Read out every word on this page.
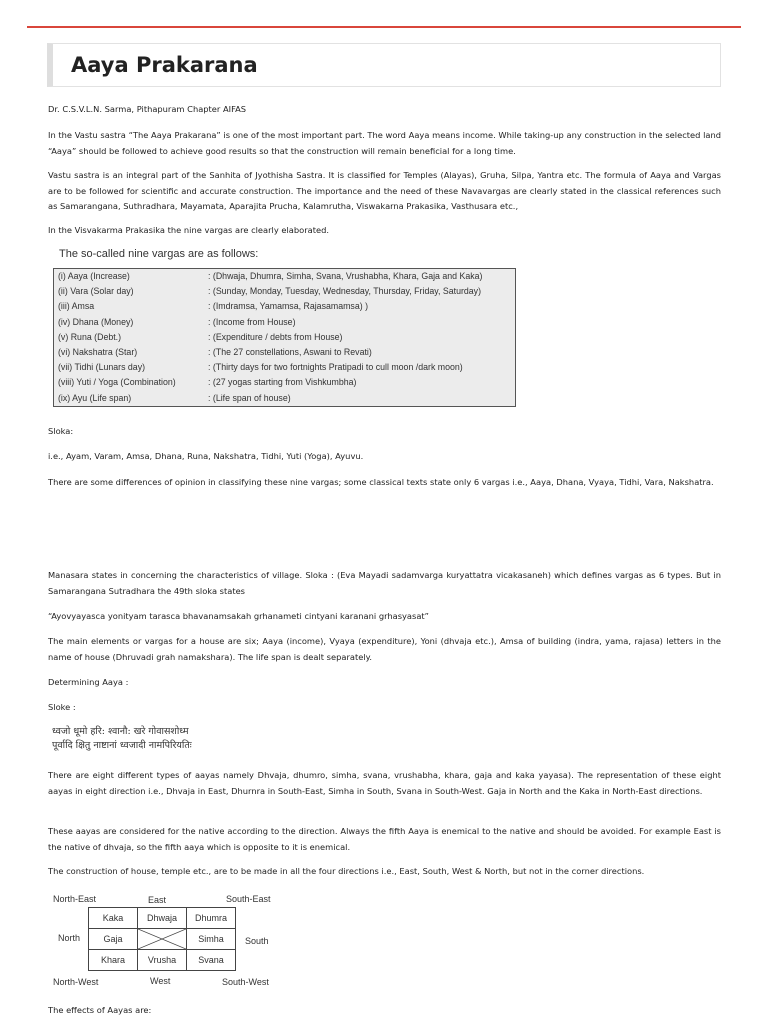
Aaya Prakarana
Dr. C.S.V.L.N. Sarma, Pithapuram Chapter AIFAS
In the Vastu sastra “The Aaya Prakarana” is one of the most important part. The word Aaya means income. While taking-up any construction in the selected land “Aaya” should be followed to achieve good results so that the construction will remain beneficial for a long time.
Vastu sastra is an integral part of the Sanhita of Jyothisha Sastra. It is classified for Temples (Alayas), Gruha, Silpa, Yantra etc. The formula of Aaya and Vargas are to be followed for scientific and accurate construction. The importance and the need of these Navavargas are clearly stated in the classical references such as Samarangana, Suthradhara, Mayamata, Aparajita Prucha, Kalamrutha, Viswakarna Prakasika, Vasthusara etc.,
In the Visvakarma Prakasika the nine vargas are clearly elaborated.
The so-called nine vargas are as follows:
(i) Aaya (Increase)	: (Dhwaja, Dhumra, Simha, Svana, Vrushabha, Khara, Gaja and Kaka)
(ii) Vara (Solar day)	: (Sunday, Monday, Tuesday, Wednesday, Thursday, Friday, Saturday)
(iii) Amsa	: (Imdramsa, Yamamsa, Rajasamamsa) )
(iv) Dhana (Money)	: (Income from House)
(v) Runa (Debt.)	: (Expenditure / debts from House)
(vi) Nakshatra (Star)	: (The 27 constellations, Aswani to Revati)
(vii) Tidhi (Lunars day)	: (Thirty days for two fortnights Pratipadi to cull moon /dark moon)
(viii) Yuti / Yoga (Combination)	: (27 yogas starting from Vishkumbha)
(ix) Ayu (Life span)	: (Life span of house)
Sloka:
i.e., Ayam, Varam, Amsa, Dhana, Runa, Nakshatra, Tidhi, Yuti (Yoga), Ayuvu.
There are some differences of opinion in classifying these nine vargas; some classical texts state only 6 vargas i.e., Aaya, Dhana, Vyaya, Tidhi, Vara, Nakshatra.
Manasara states in concerning the characteristics of village. Sloka : (Eva Mayadi sadamvarga kuryattatra vicakasaneh) which defines vargas as 6 types. But in Samarangana Sutradhara the 49th sloka states
“Ayovyayasca yonityam tarasca bhavanamsakah grhanameti cintyani karanani grhasyasat”
The main elements or vargas for a house are six; Aaya (income), Vyaya (expenditure), Yoni (dhvaja etc.), Amsa of building (indra, yama, rajasa) letters in the name of house (Dhruvadi grah namakshara). The life span is dealt separately.
Determining Aaya :
Sloke :
ध्वजो धूमो हरि: श्वानौ: खरे गोवासशोध्म
पूर्वादि क्षितु नाष्टानां ध्वजादी नामपिरियतिः
There are eight different types of aayas namely Dhvaja, dhumro, simha, svana, vrushabha, khara, gaja and kaka yayasa). The representation of these eight aayas in eight direction i.e., Dhvaja in East, Dhurnra in South-East, Simha in South, Svana in South-West. Gaja in North and the Kaka in North-East directions.
These aayas are considered for the native according to the direction. Always the fifth Aaya is enemical to the native and should be avoided. For example East is the native of dhvaja, so the fifth aaya which is opposite to it is enemical.
The construction of house, temple etc., are to be made in all the four directions i.e., East, South, West & North, but not in the corner directions.
North-East	East	South-East
North	South
North-West	West	South-West
Kaka	Dhwaja	Dhumra
Gaja		Simha
Khara	Vrusha	Svana
The effects of Aayas are:
